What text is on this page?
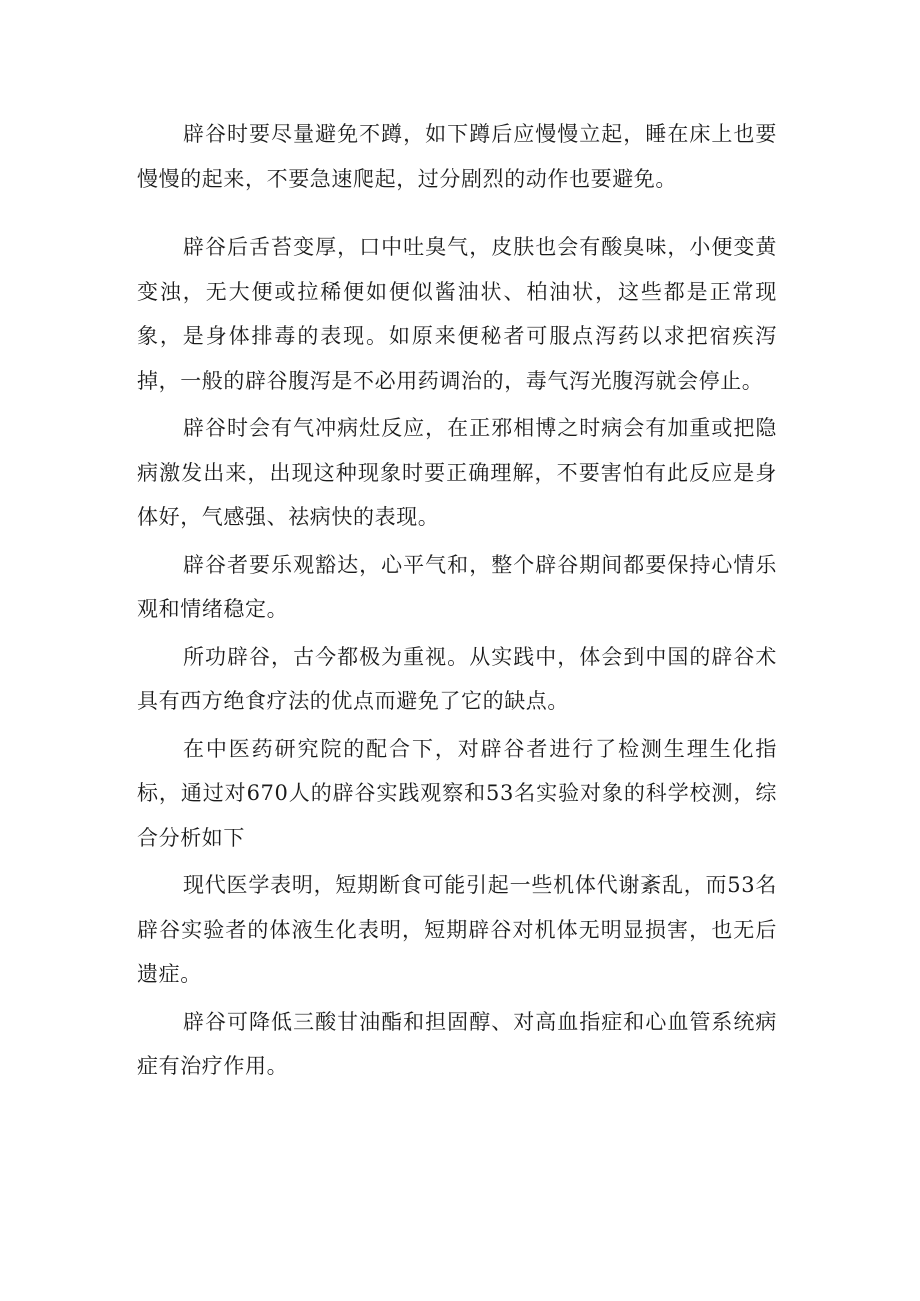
辟谷时要尽量避免不蹲，如下蹲后应慢慢立起，睡在床上也要慢慢的起来，不要急速爬起，过分剧烈的动作也要避免。

辟谷后舌苔变厚，口中吐臭气，皮肤也会有酸臭味，小便变黄变浊，无大便或拉稀便如便似酱油状、柏油状，这些都是正常现象，是身体排毒的表现。如原来便秘者可服点泻药以求把宿疾泻掉，一般的辟谷腹泻是不必用药调治的，毒气泻光腹泻就会停止。

辟谷时会有气冲病灶反应，在正邪相博之时病会有加重或把隐病激发出来，出现这种现象时要正确理解，不要害怕有此反应是身体好，气感强、祛病快的表现。

辟谷者要乐观豁达，心平气和，整个辟谷期间都要保持心情乐观和情绪稳定。

所功辟谷，古今都极为重视。从实践中，体会到中国的辟谷术具有西方绝食疗法的优点而避免了它的缺点。

在中医药研究院的配合下，对辟谷者进行了检测生理生化指标，通过对670人的辟谷实践观察和53名实验对象的科学校测，综合分析如下

现代医学表明，短期断食可能引起一些机体代谢紊乱，而53名辟谷实验者的体液生化表明，短期辟谷对机体无明显损害，也无后遗症。

辟谷可降低三酸甘油酯和担固醇、对高血指症和心血管系统病症有治疗作用。
